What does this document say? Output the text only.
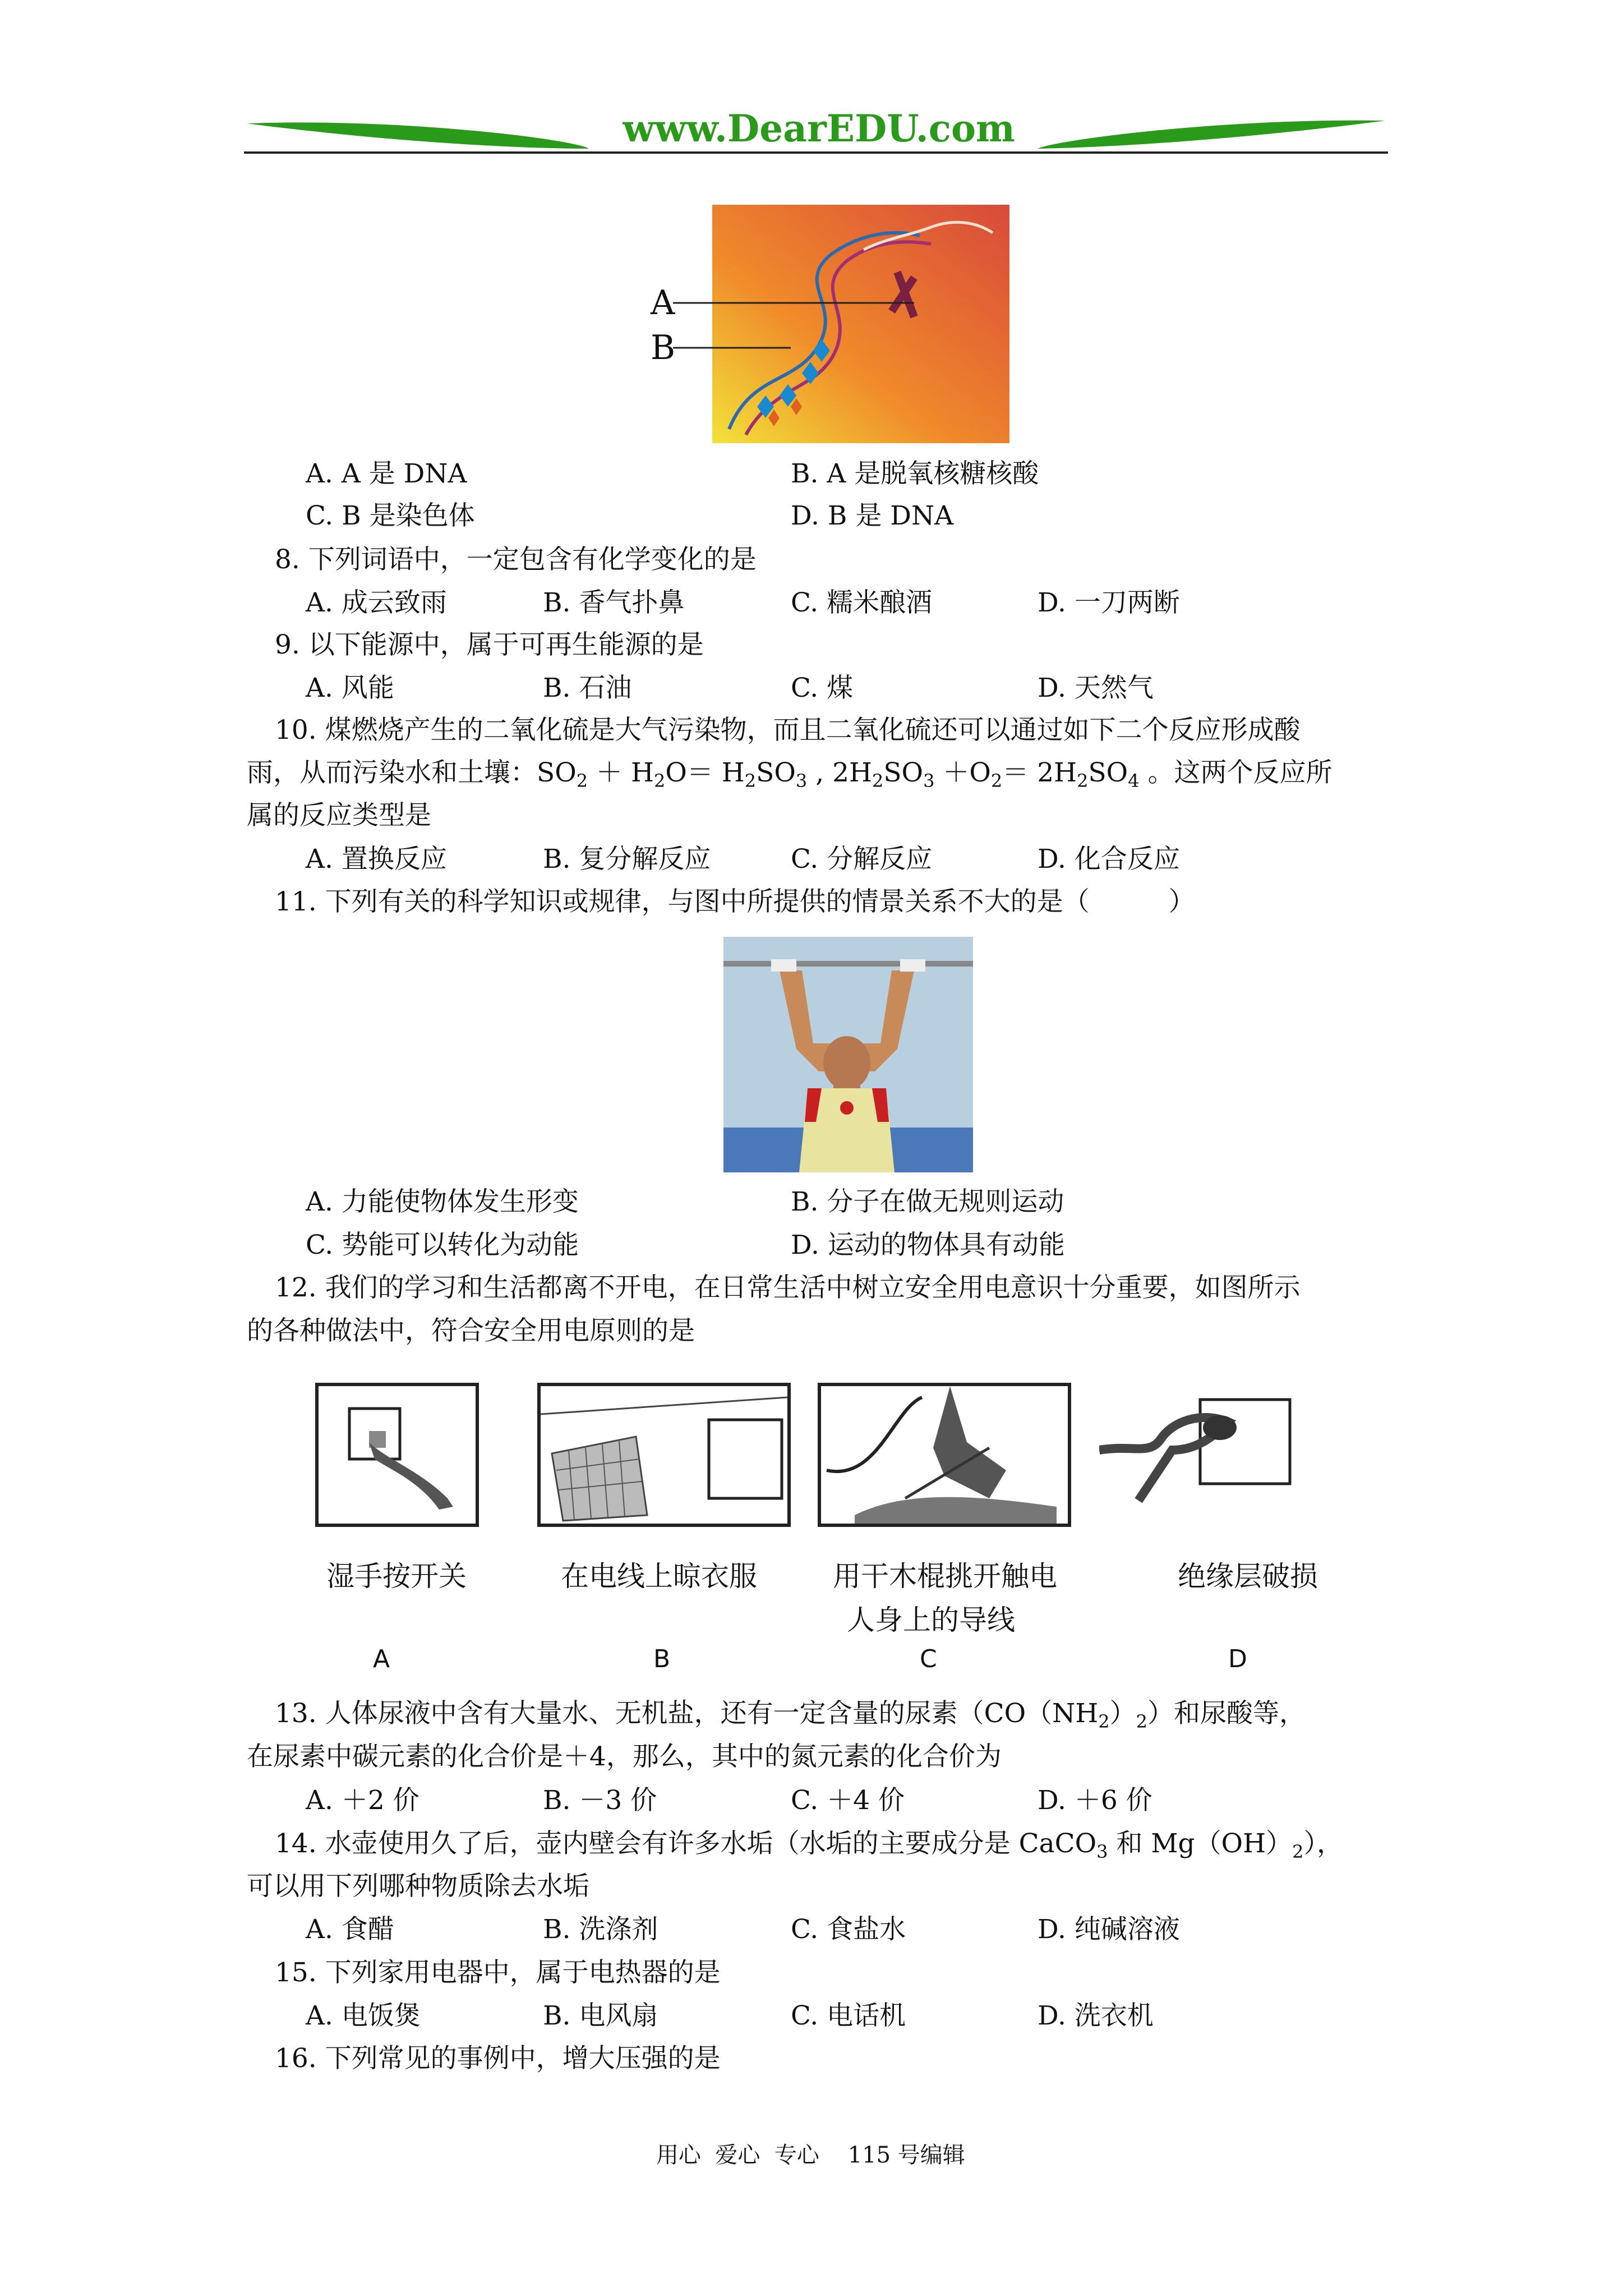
www.DearEDU.com
A
B
A. A 是 DNA	B. A 是脱氧核糖核酸
C. B 是染色体	D. B 是 DNA
8. 下列词语中，一定包含有化学变化的是
A. 成云致雨	B. 香气扑鼻	C. 糯米酿酒	D. 一刀两断
9. 以下能源中，属于可再生能源的是
A. 风能	B. 石油	C. 煤	D. 天然气
10. 煤燃烧产生的二氧化硫是大气污染物，而且二氧化硫还可以通过如下二个反应形成酸
雨，从而污染水和土壤：$SO_2 + H_2O= H_2SO_3$ , $2H_2SO_3 +O_2= 2H_2SO_4$ 。这两个反应所
属的反应类型是
A. 置换反应	B. 复分解反应	C. 分解反应	D. 化合反应
11. 下列有关的科学知识或规律，与图中所提供的情景关系不大的是（　　　）
A. 力能使物体发生形变	B. 分子在做无规则运动
C. 势能可以转化为动能	D. 运动的物体具有动能
12. 我们的学习和生活都离不开电，在日常生活中树立安全用电意识十分重要，如图所示
的各种做法中，符合安全用电原则的是
湿手按开关	在电线上晾衣服	用干木棍挑开触电
人身上的导线
绝缘层破损
A	B	C	D
13. 人体尿液中含有大量水、无机盐，还有一定含量的尿素$(CO(NH_2)_2)$和尿酸等，
在尿素中碳元素的化合价是＋4，那么，其中的氮元素的化合价为
A. ＋2 价	B. －3 价	C. ＋4 价	D. ＋6 价
14. 水壶使用久了后，壶内壁会有许多水垢（水垢的主要成分是 CaCO$_3$ 和 $Mg(OH)_2$），
可以用下列哪种物质除去水垢
A. 食醋	B. 洗涤剂	C. 食盐水	D. 纯碱溶液
15. 下列家用电器中，属于电热器的是
A. 电饭煲	B. 电风扇	C. 电话机	D. 洗衣机
16. 下列常见的事例中，增大压强的是
用心  爱心  专心    115 号编辑
